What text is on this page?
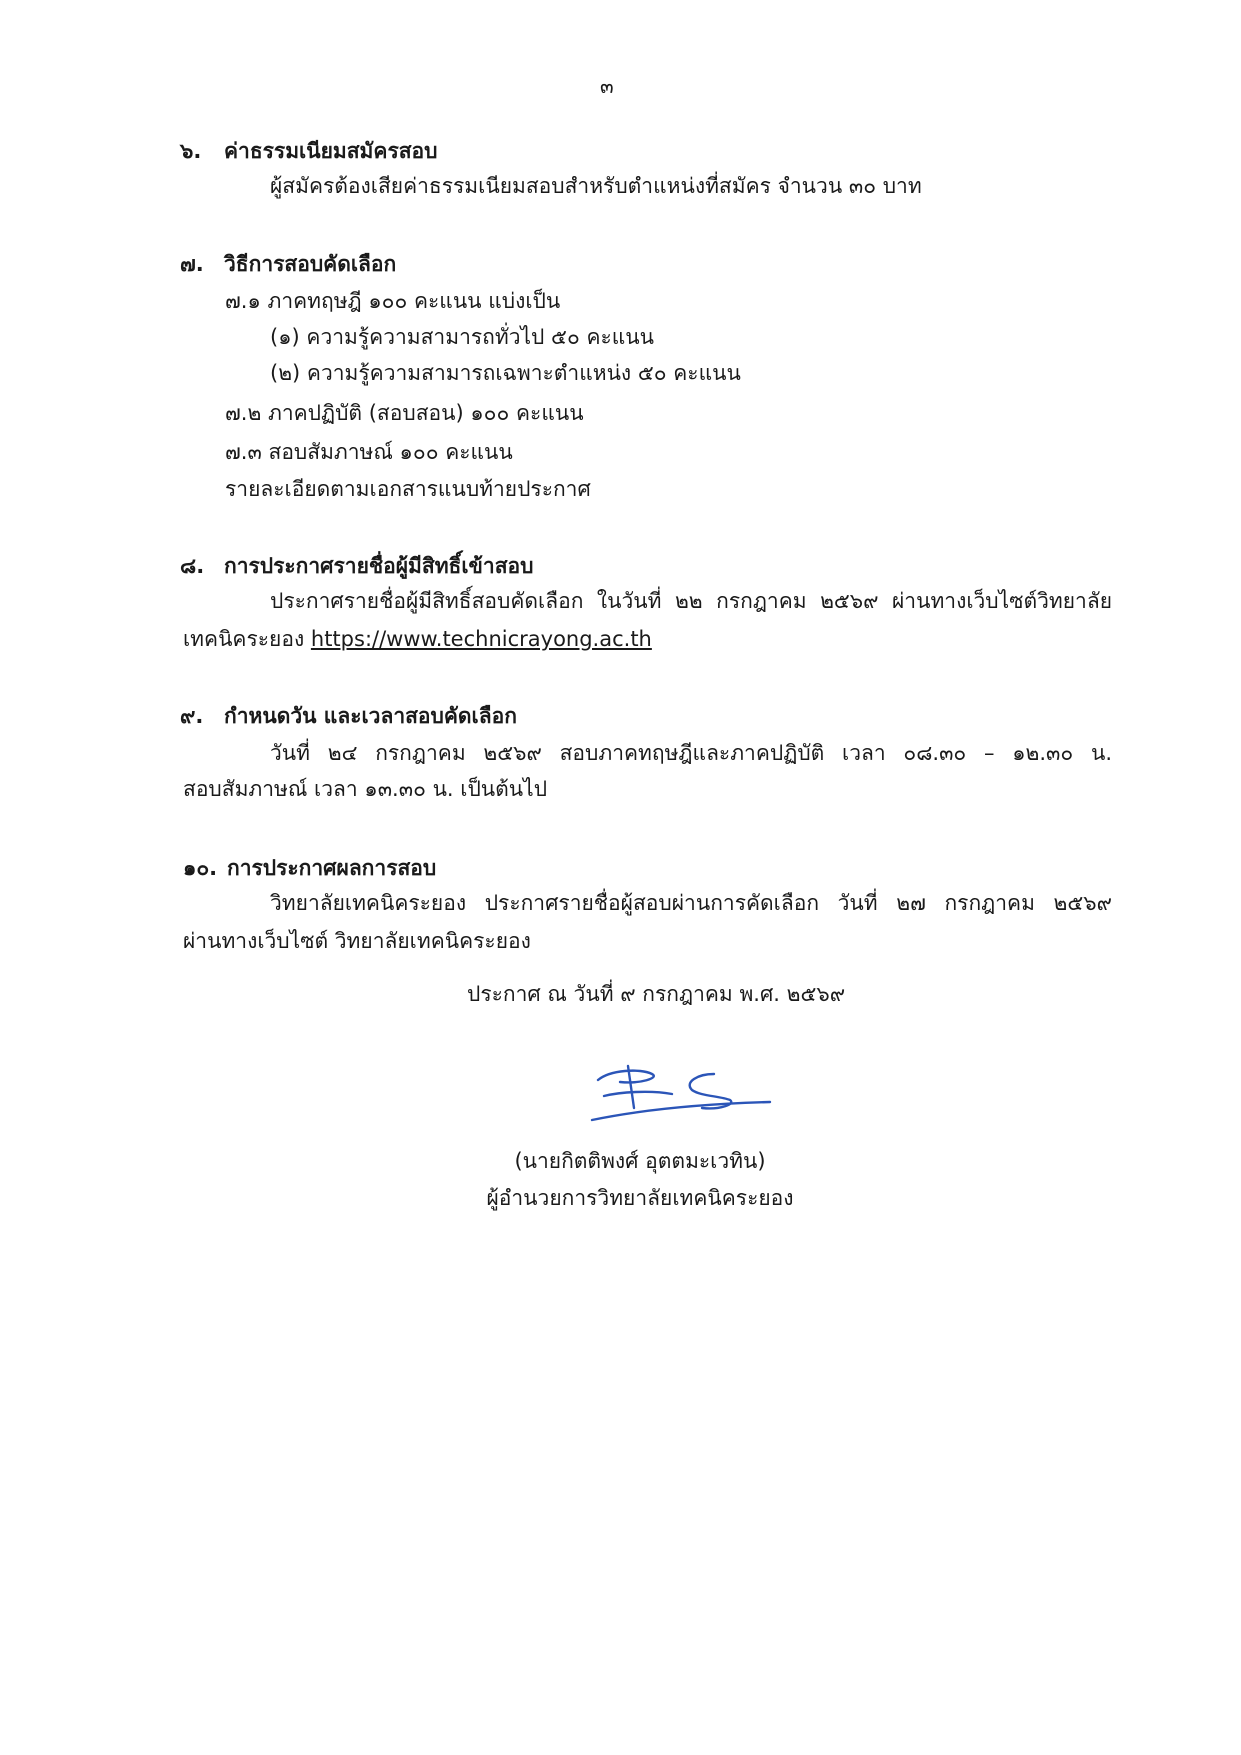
๓
๖. ค่าธรรมเนียมสมัครสอบ
ผู้สมัครต้องเสียค่าธรรมเนียมสอบสำหรับตำแหน่งที่สมัคร จำนวน ๓๐ บาท
๗. วิธีการสอบคัดเลือก
๗.๑ ภาคทฤษฎี ๑๐๐ คะแนน แบ่งเป็น
(๑) ความรู้ความสามารถทั่วไป ๕๐ คะแนน
(๒) ความรู้ความสามารถเฉพาะตำแหน่ง ๕๐ คะแนน
๗.๒ ภาคปฏิบัติ (สอบสอน) ๑๐๐ คะแนน
๗.๓ สอบสัมภาษณ์ ๑๐๐ คะแนน
รายละเอียดตามเอกสารแนบท้ายประกาศ
๘. การประกาศรายชื่อผู้มีสิทธิ์เข้าสอบ
ประกาศรายชื่อผู้มีสิทธิ์สอบคัดเลือก ในวันที่ ๒๒ กรกฎาคม ๒๕๖๙ ผ่านทางเว็บไซต์วิทยาลัย
เทคนิคระยอง https://www.technicrayong.ac.th
๙. กำหนดวัน และเวลาสอบคัดเลือก
วันที่ ๒๔ กรกฎาคม ๒๕๖๙ สอบภาคทฤษฎีและภาคปฏิบัติ เวลา ๐๘.๓๐ – ๑๒.๓๐ น.
สอบสัมภาษณ์ เวลา ๑๓.๓๐ น. เป็นต้นไป
๑๐. การประกาศผลการสอบ
วิทยาลัยเทคนิคระยอง ประกาศรายชื่อผู้สอบผ่านการคัดเลือก วันที่ ๒๗ กรกฎาคม ๒๕๖๙
ผ่านทางเว็บไซต์ วิทยาลัยเทคนิคระยอง
ประกาศ ณ วันที่ ๙ กรกฎาคม พ.ศ. ๒๕๖๙
(นายกิตติพงศ์ อุตตมะเวทิน)
ผู้อำนวยการวิทยาลัยเทคนิคระยอง
